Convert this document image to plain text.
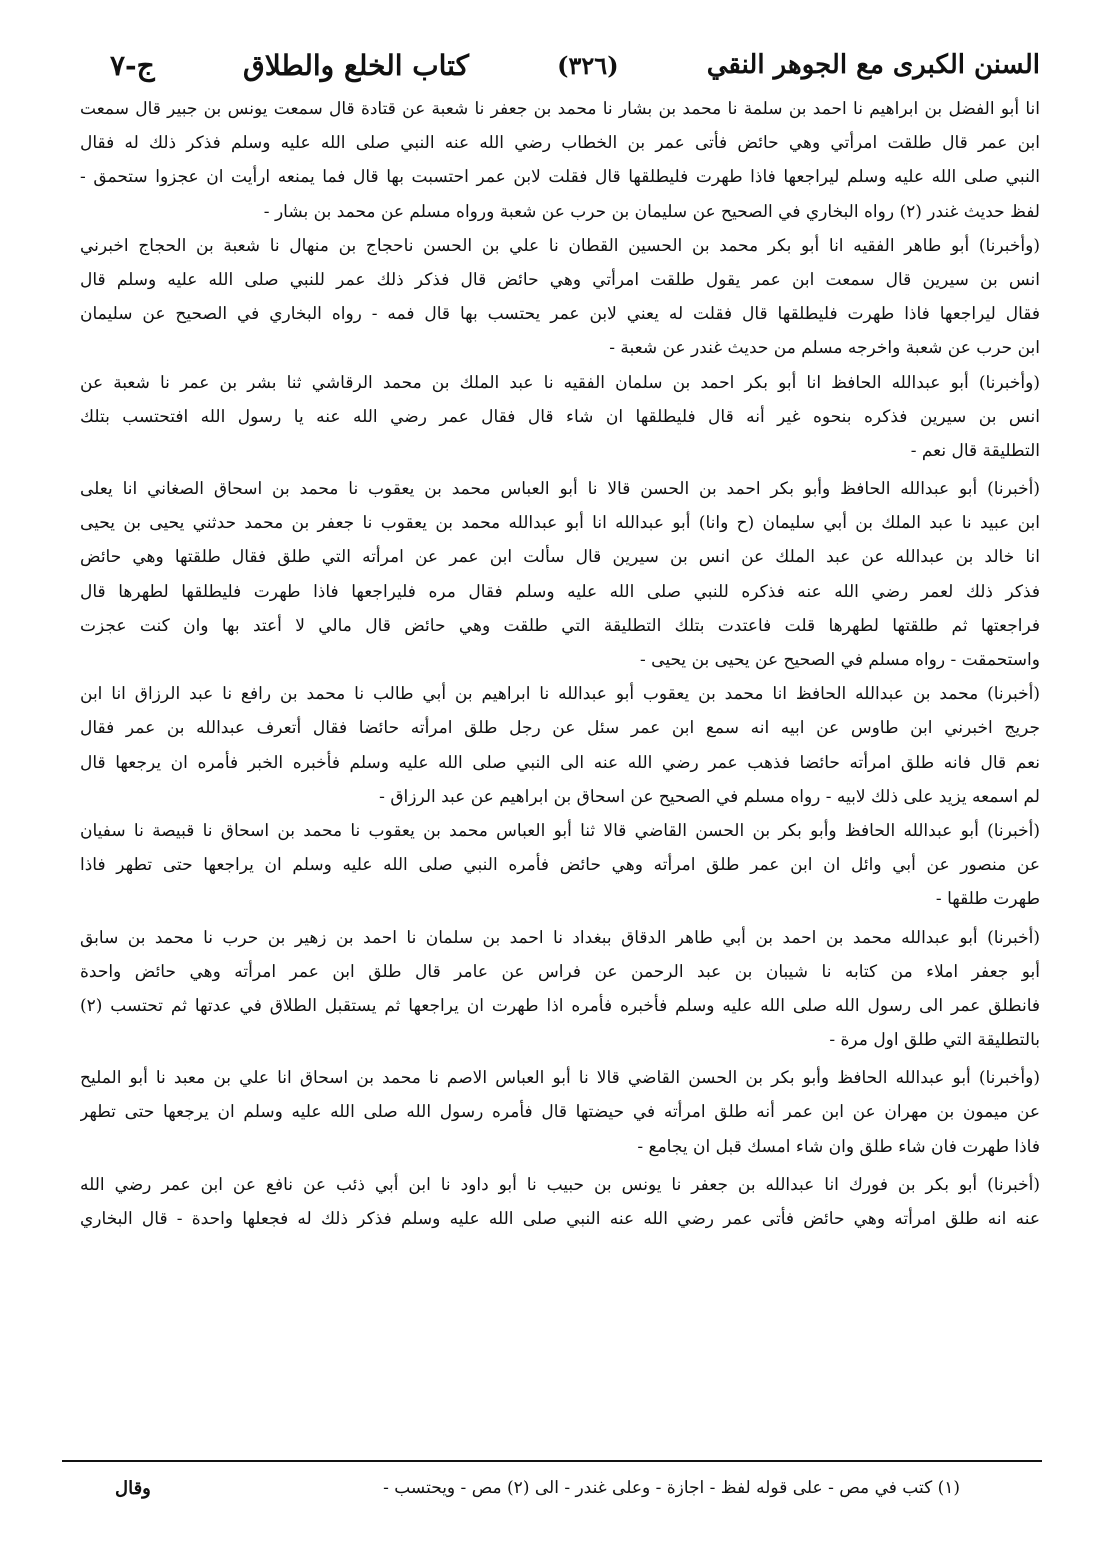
السنن الكبرى مع الجوهر النقي
(٣٢٦)
كتاب الخلع والطلاق
ج-٧
انا أبو الفضل بن ابراهيم نا احمد بن سلمة نا محمد بن بشار نا محمد بن جعفر نا شعبة عن قتادة قال سمعت يونس بن جبير قال سمعت
ابن عمر قال طلقت امرأتي وهي حائض فأتى عمر بن الخطاب رضي الله عنه النبي صلى الله عليه وسلم فذكر ذلك له فقال
النبي صلى الله عليه وسلم ليراجعها فاذا طهرت فليطلقها قال فقلت لابن عمر احتسبت بها قال فما يمنعه ارأيت ان عجزوا ستحمق -
لفظ حديث غندر (٢) رواه البخاري في الصحيح عن سليمان بن حرب عن شعبة ورواه مسلم عن محمد بن بشار -
(وأخبرنا) أبو طاهر الفقيه انا أبو بكر محمد بن الحسين القطان نا علي بن الحسن ناحجاج بن منهال نا شعبة بن الحجاج اخبرني
انس بن سيرين قال سمعت ابن عمر يقول طلقت امرأتي وهي حائض قال فذكر ذلك عمر للنبي صلى الله عليه وسلم قال
فقال ليراجعها فاذا طهرت فليطلقها قال فقلت له يعني لابن عمر يحتسب بها قال فمه - رواه البخاري في الصحيح عن سليمان
ابن حرب عن شعبة واخرجه مسلم من حديث غندر عن شعبة -
(وأخبرنا) أبو عبدالله الحافظ انا أبو بكر احمد بن سلمان الفقيه نا عبد الملك بن محمد الرقاشي ثنا بشر بن عمر نا شعبة عن
انس بن سيرين فذكره بنحوه غير أنه قال فليطلقها ان شاء قال فقال عمر رضي الله عنه يا رسول الله افتحتسب بتلك
التطليقة قال نعم -
(أخبرنا) أبو عبدالله الحافظ وأبو بكر احمد بن الحسن قالا نا أبو العباس محمد بن يعقوب نا محمد بن اسحاق الصغاني انا يعلى
ابن عبيد نا عبد الملك بن أبي سليمان (ح وانا) أبو عبدالله انا أبو عبدالله محمد بن يعقوب نا جعفر بن محمد حدثني يحيى بن يحيى
انا خالد بن عبدالله عن عبد الملك عن انس بن سيرين قال سألت ابن عمر عن امرأته التي طلق فقال طلقتها وهي حائض
فذكر ذلك لعمر رضي الله عنه فذكره للنبي صلى الله عليه وسلم فقال مره فليراجعها فاذا طهرت فليطلقها لطهرها قال
فراجعتها ثم طلقتها لطهرها قلت فاعتدت بتلك التطليقة التي طلقت وهي حائض قال مالي لا أعتد بها وان كنت عجزت
واستحمقت - رواه مسلم في الصحيح عن يحيى بن يحيى -
(أخبرنا) محمد بن عبدالله الحافظ انا محمد بن يعقوب أبو عبدالله نا ابراهيم بن أبي طالب نا محمد بن رافع نا عبد الرزاق انا ابن
جريج اخبرني ابن طاوس عن ابيه انه سمع ابن عمر سئل عن رجل طلق امرأته حائضا فقال أتعرف عبدالله بن عمر فقال
نعم قال فانه طلق امرأته حائضا فذهب عمر رضي الله عنه الى النبي صلى الله عليه وسلم فأخبره الخبر فأمره ان يرجعها قال
لم اسمعه يزيد على ذلك لابيه - رواه مسلم في الصحيح عن اسحاق بن ابراهيم عن عبد الرزاق -
(أخبرنا) أبو عبدالله الحافظ وأبو بكر بن الحسن القاضي قالا ثنا أبو العباس محمد بن يعقوب نا محمد بن اسحاق نا قبيصة نا سفيان
عن منصور عن أبي وائل ان ابن عمر طلق امرأته وهي حائض فأمره النبي صلى الله عليه وسلم ان يراجعها حتى تطهر فاذا
طهرت طلقها -
(أخبرنا) أبو عبدالله محمد بن احمد بن أبي طاهر الدقاق ببغداد نا احمد بن سلمان نا احمد بن زهير بن حرب نا محمد بن سابق
أبو جعفر املاء من كتابه نا شيبان بن عبد الرحمن عن فراس عن عامر قال طلق ابن عمر امرأته وهي حائض واحدة
فانطلق عمر الى رسول الله صلى الله عليه وسلم فأخبره فأمره اذا طهرت ان يراجعها ثم يستقبل الطلاق في عدتها ثم تحتسب (٢)
بالتطليقة التي طلق اول مرة -
(وأخبرنا) أبو عبدالله الحافظ وأبو بكر بن الحسن القاضي قالا نا أبو العباس الاصم نا محمد بن اسحاق انا علي بن معبد نا أبو المليح
عن ميمون بن مهران عن ابن عمر أنه طلق امرأته في حيضتها قال فأمره رسول الله صلى الله عليه وسلم ان يرجعها حتى تطهر
فاذا طهرت فان شاء طلق وان شاء امسك قبل ان يجامع -
(أخبرنا) أبو بكر بن فورك انا عبدالله بن جعفر نا يونس بن حبيب نا أبو داود نا ابن أبي ذئب عن نافع عن ابن عمر رضي الله
عنه انه طلق امرأته وهي حائض فأتى عمر رضي الله عنه النبي صلى الله عليه وسلم فذكر ذلك له فجعلها واحدة - قال البخاري
(١) كتب في مص - على قوله لفظ - اجازة - وعلى غندر - الى (٢) مص - ويحتسب -
وقال
